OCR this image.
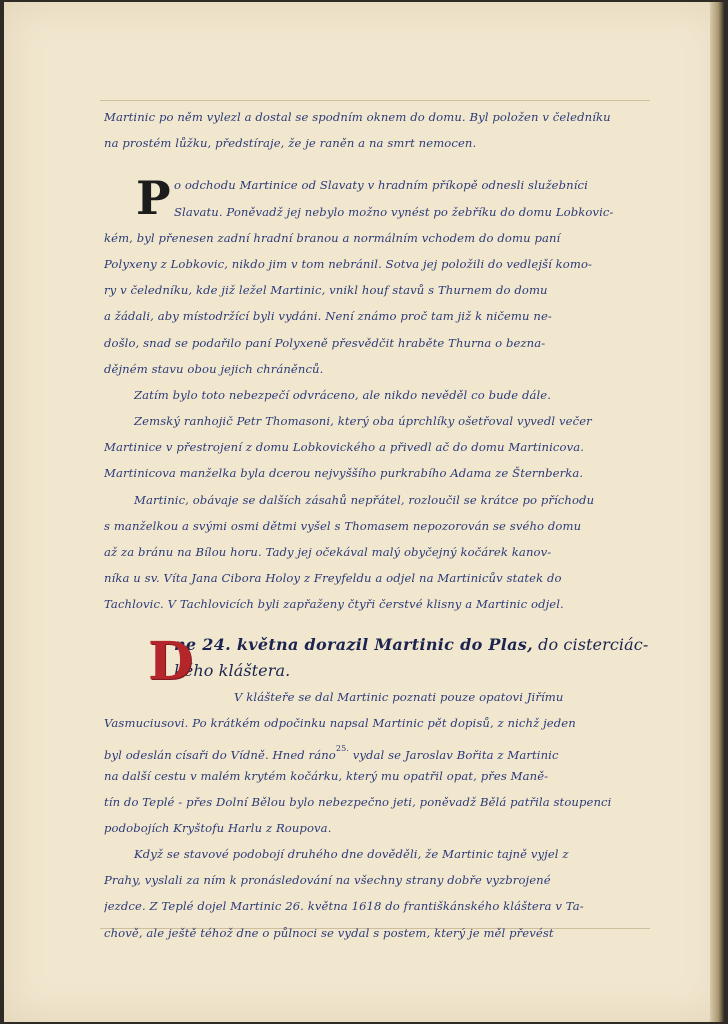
Martinic po něm vylezl a dostal se spodním oknem do domu. Byl položen v čeledníku
na prostém lůžku, předstíraje, že je raněn a na smrt nemocen.
P o odchodu Martinice od Slavaty v hradním příkopě odnesli služebníci
Slavatu. Poněvadž jej nebylo možno vynést po žebříku do domu Lobkovic-
kém, byl přenesen zadní hradní branou a normálním vchodem do domu paní
Polyxeny z Lobkovic, nikdo jim v tom nebránil. Sotva jej položili do vedlejší komo-
ry v čeledníku, kde již ležel Martinic, vnikl houf stavů s Thurnem do domu
a žádali, aby místodržící byli vydáni. Není známo proč tam již k ničemu ne-
došlo, snad se podařilo paní Polyxeně přesvědčit hraběte Thurna o bezna-
dějném stavu obou jejich chráněnců.
Zatím bylo toto nebezpečí odvráceno, ale nikdo nevěděl co bude dále.
Zemský ranhojič Petr Thomasoni, který oba úprchlíky ošetřoval vyvedl večer
Martinice v přestrojení z domu Lobkovického a přivedl ač do domu Martinicova.
Martinicova manželka byla dcerou nejvyššího purkrabího Adama ze Šternberka.
Martinic, obávaje se dalších zásahů nepřátel, rozloučil se krátce po příchodu
s manželkou a svými osmi dětmi vyšel s Thomasem nepozorován se svého domu
až za bránu na Bílou horu. Tady jej očekával malý obyčejný kočárek kanov-
níka u sv. Víta Jana Cibora Holoy z Freyfeldu a odjel na Martinicův statek do
Tachlovic. V Tachlovicích byli zapřaženy čtyři čerstvé klisny a Martinic odjel.
D
ne 24. května dorazil Martinic do Plas, do cisterciác-
kého kláštera.
V klášteře se dal Martinic poznati pouze opatovi Jiřímu
Vasmuciusovi. Po krátkém odpočinku napsal Martinic pět dopisů, z nichž jeden
byl odeslán císaři do Vídně. Hned ráno$^{25.}$ vydal se Jaroslav Bořita z Martinic
na další cestu v malém krytém kočárku, který mu opatřil opat, přes Maně-
tín do Teplé - přes Dolní Bělou bylo nebezpečno jeti, poněvadž Bělá patřila stoupenci
podobojích Kryštofu Harlu z Roupova.
Když se stavové podobojí druhého dne dověděli, že Martinic tajně vyjel z
Prahy, vyslali za ním k pronásledování na všechny strany dobře vyzbrojené
jezdce. Z Teplé dojel Martinic 26. května 1618 do františkánského kláštera v Ta-
chově, ale ještě téhož dne o půlnoci se vydal s postem, který je měl převést
